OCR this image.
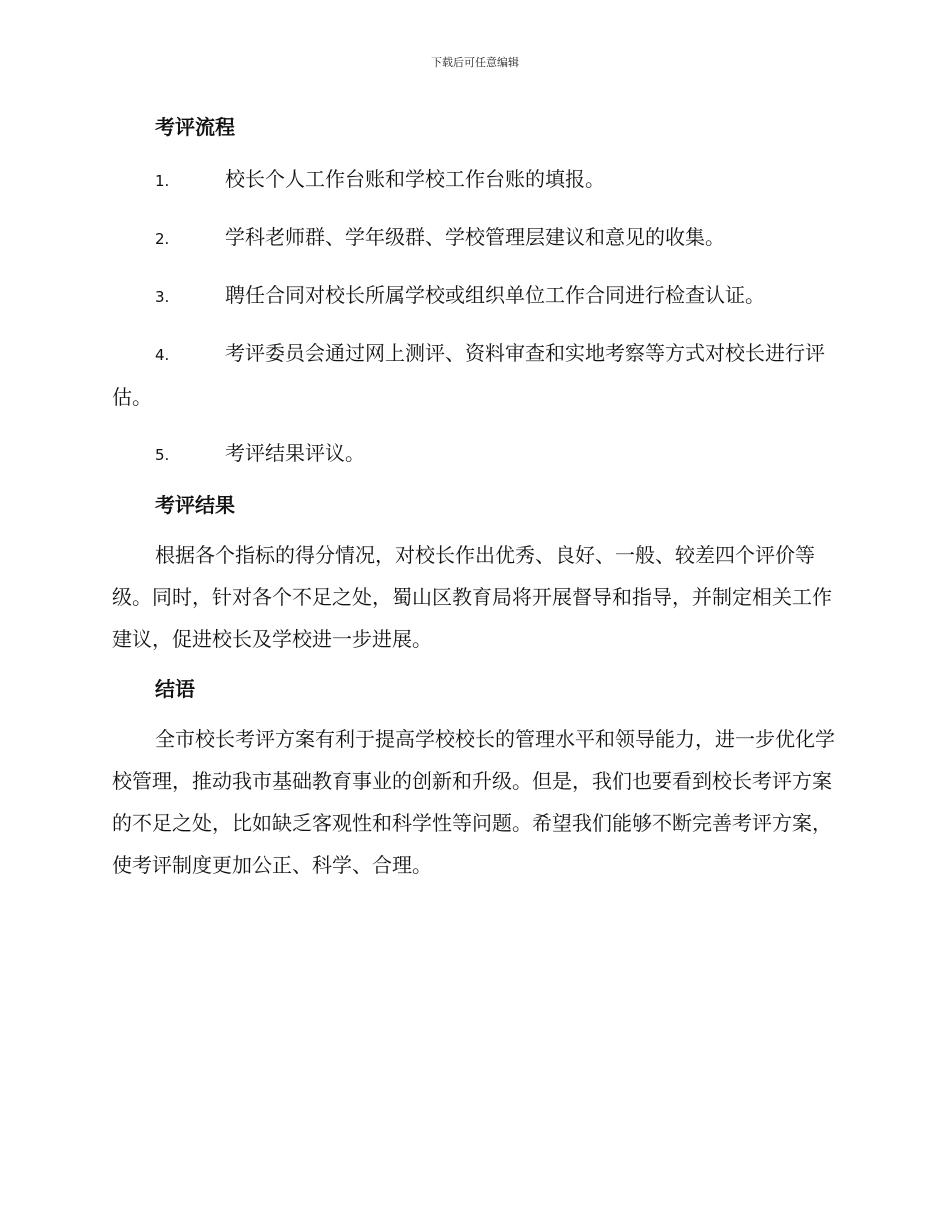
下载后可任意编辑
考评流程
1.	校长个人工作台账和学校工作台账的填报。
2.	学科老师群、学年级群、学校管理层建议和意见的收集。
3.	聘任合同对校长所属学校或组织单位工作合同进行检查认证。
4.	考评委员会通过网上测评、资料审查和实地考察等方式对校长进行评估。
5.	考评结果评议。
考评结果

根据各个指标的得分情况，对校长作出优秀、良好、一般、较差四个评价等级。同时，针对各个不足之处，蜀山区教育局将开展督导和指导，并制定相关工作建议，促进校长及学校进一步进展。

结语

全市校长考评方案有利于提高学校校长的管理水平和领导能力，进一步优化学校管理，推动我市基础教育事业的创新和升级。但是，我们也要看到校长考评方案的不足之处，比如缺乏客观性和科学性等问题。希望我们能够不断完善考评方案，使考评制度更加公正、科学、合理。
